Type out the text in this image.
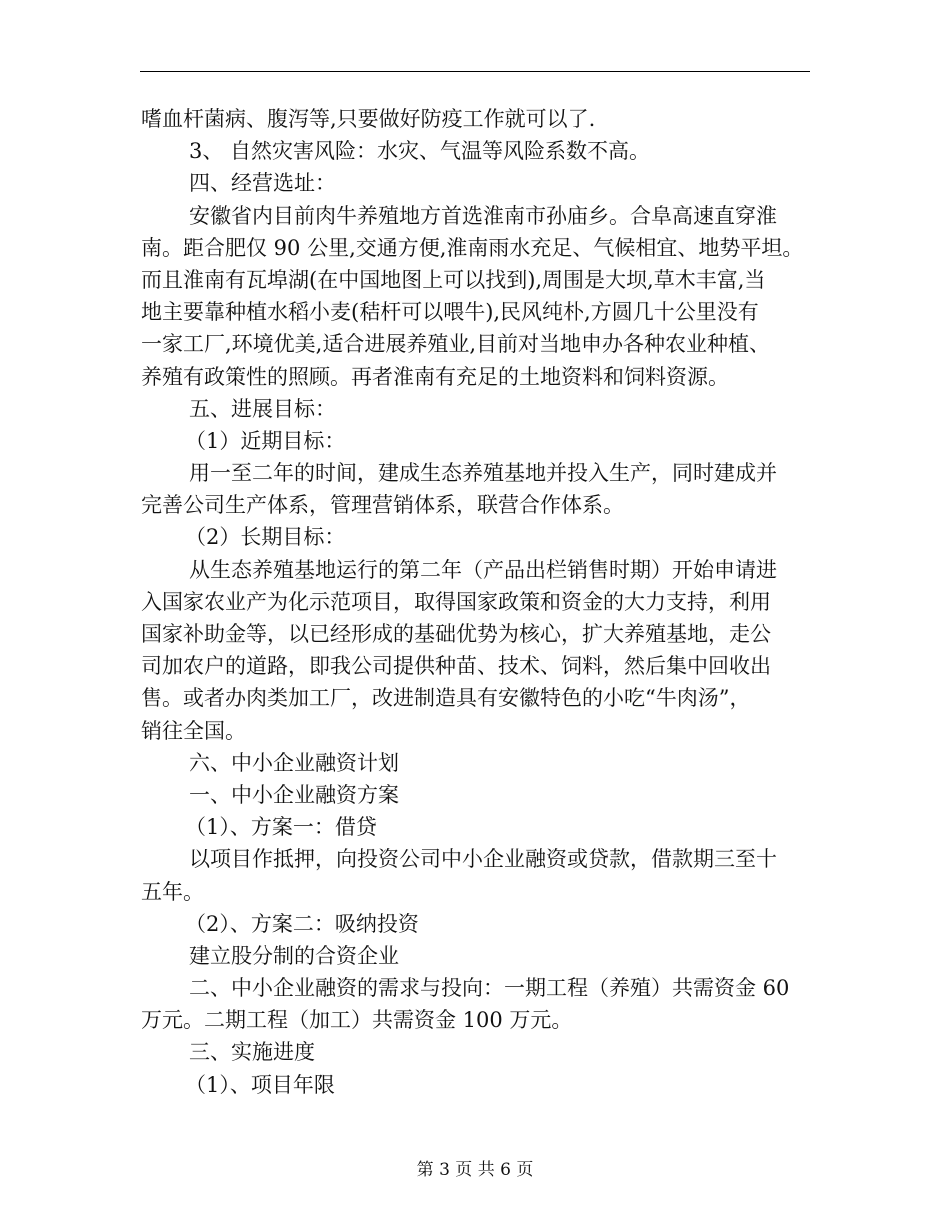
嗜血杆菌病、腹泻等,只要做好防疫工作就可以了.
3、 自然灾害风险：水灾、气温等风险系数不高。
四、经营选址：
安徽省内目前肉牛养殖地方首选淮南市孙庙乡。合阜高速直穿淮
南。距合肥仅 90 公里,交通方便,淮南雨水充足、气候相宜、地势平坦。
而且淮南有瓦埠湖(在中国地图上可以找到),周围是大坝,草木丰富,当
地主要靠种植水稻小麦(秸杆可以喂牛),民风纯朴,方圆几十公里没有
一家工厂,环境优美,适合进展养殖业,目前对当地申办各种农业种植、
养殖有政策性的照顾。再者淮南有充足的土地资料和饲料资源。
五、进展目标：
（1）近期目标：
用一至二年的时间，建成生态养殖基地并投入生产，同时建成并
完善公司生产体系，管理营销体系，联营合作体系。
（2）长期目标：
从生态养殖基地运行的第二年（产品出栏销售时期）开始申请进
入国家农业产为化示范项目，取得国家政策和资金的大力支持，利用
国家补助金等，以已经形成的基础优势为核心，扩大养殖基地，走公
司加农户的道路，即我公司提供种苗、技术、饲料，然后集中回收出
售。或者办肉类加工厂，改进制造具有安徽特色的小吃“牛肉汤”，
销往全国。
六、中小企业融资计划
一、中小企业融资方案
（1）、方案一：借贷
以项目作抵押，向投资公司中小企业融资或贷款，借款期三至十
五年。
（2）、方案二：吸纳投资
建立股分制的合资企业
二、中小企业融资的需求与投向：一期工程（养殖）共需资金 60
万元。二期工程（加工）共需资金 100 万元。
三、实施进度
（1）、项目年限
第 3 页 共 6 页
